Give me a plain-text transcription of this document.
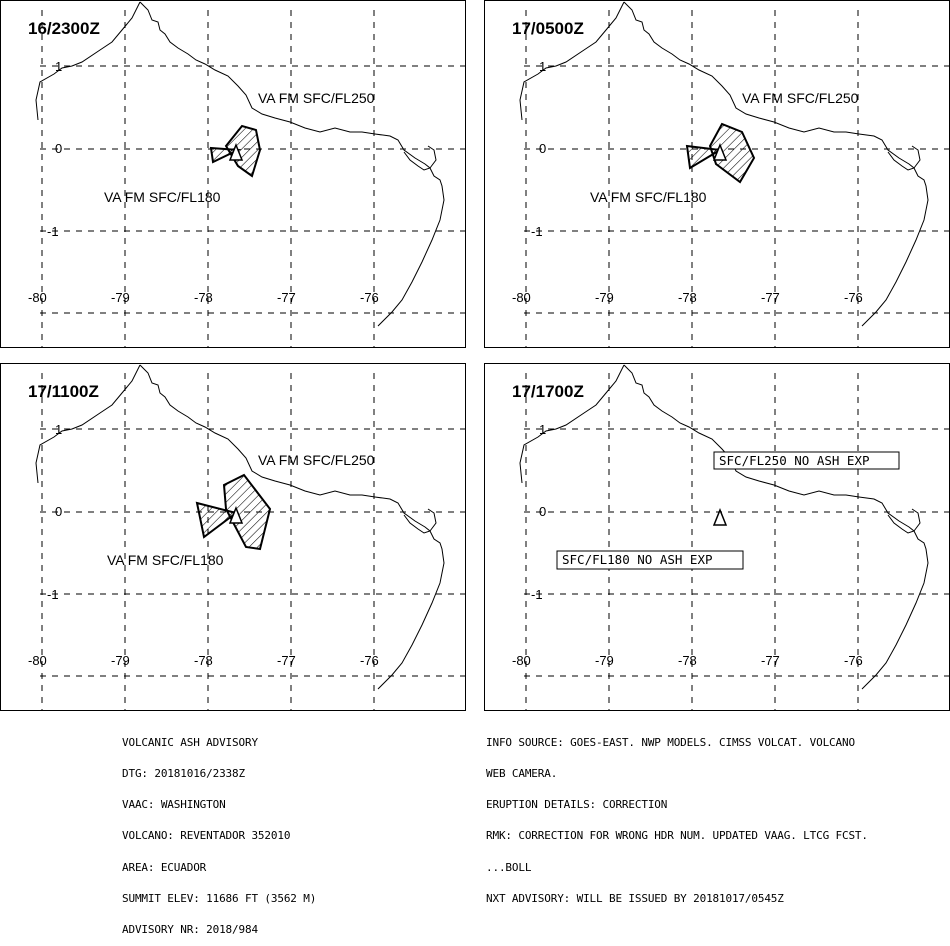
16/2300Z
1
0
-1
-80	-79	-78	-77	-76
VA FM SFC/FL250
VA FM SFC/FL180
17/0500Z
1
0
-1
-80	-79	-78	-77	-76
VA FM SFC/FL250
VA FM SFC/FL180
17/1100Z
1
0
-1
-80	-79	-78	-77	-76
VA FM SFC/FL250
VA FM SFC/FL180
17/1700Z
1
0
-1
-80	-79	-78	-77	-76
SFC/FL250 NO ASH EXP
SFC/FL180 NO ASH EXP

VOLCANIC ASH ADVISORY

DTG: 20181016/2338Z

VAAC: WASHINGTON

VOLCANO: REVENTADOR 352010

AREA: ECUADOR

SUMMIT ELEV: 11686 FT (3562 M)

ADVISORY NR: 2018/984

INFO SOURCE: GOES-EAST. NWP MODELS. CIMSS VOLCAT. VOLCANO

WEB CAMERA.

ERUPTION DETAILS: CORRECTION

RMK: CORRECTION FOR WRONG HDR NUM. UPDATED VAAG. LTCG FCST.

...BOLL

NXT ADVISORY: WILL BE ISSUED BY 20181017/0545Z
